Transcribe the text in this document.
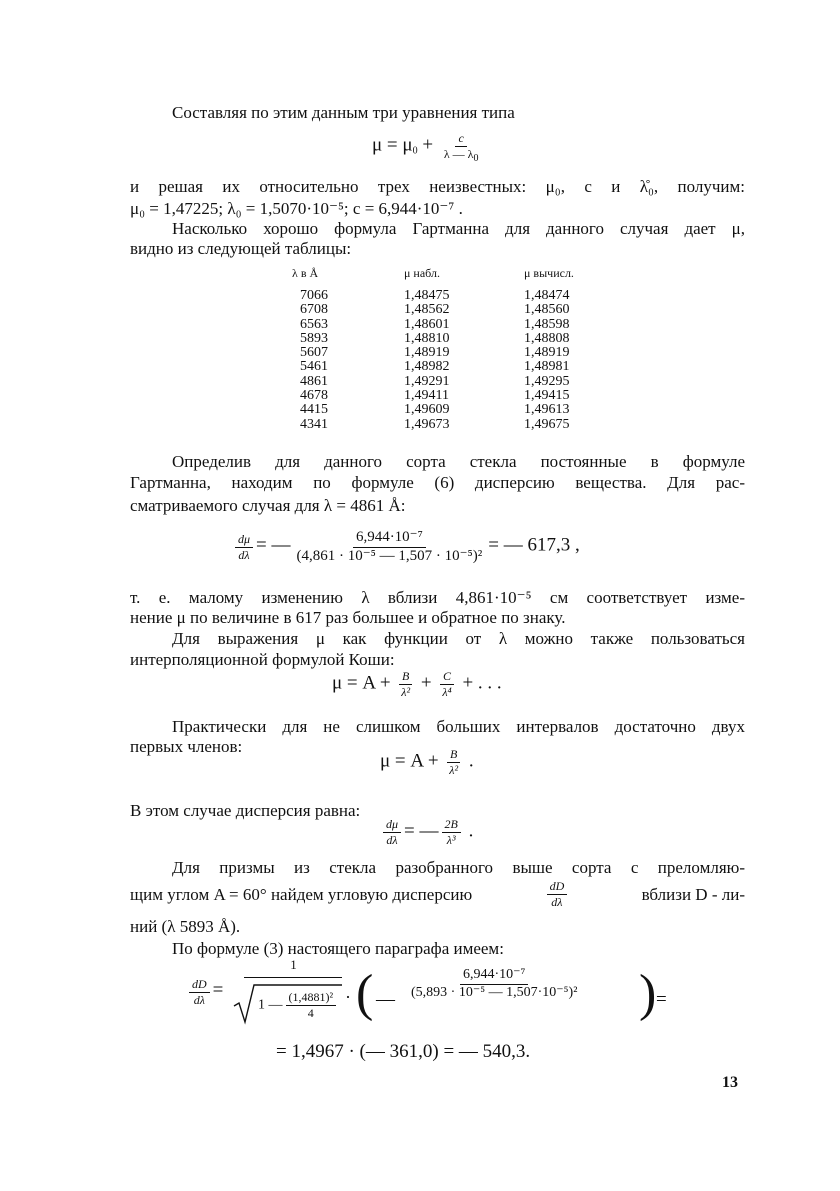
Составляя по этим данным три уравнения типа
$\mu = \mu_0 + \frac{c}{\lambda — \lambda_0}$
и решая их относительно трех неизвестных: μ₀, c и λ̊₀, получим:
μ₀ = 1,47225; λ₀ = 1,5070·10⁻⁵; c = 6,944·10⁻⁷ .
Насколько хорошо формула Гартманна для данного случая дает μ,
видно из следующей таблицы:
λ в Å	μ набл.	μ вычисл.
7066	1,48475	1,48474
6708	1,48562	1,48560
6563	1,48601	1,48598
5893	1,48810	1,48808
5607	1,48919	1,48919
5461	1,48982	1,48981
4861	1,49291	1,49295
4678	1,49411	1,49415
4415	1,49609	1,49613
4341	1,49673	1,49675
Определив для данного сорта стекла постоянные в формуле
Гартманна, находим по формуле (6) дисперсию вещества. Для рас-
сматриваемого случая для λ = 4861 Å:
$\frac{d\mu}{d\lambda}$ = — $\frac{\text{6,944·10⁻⁷}}{\text{(4,861 · 10⁻⁵ — 1,507 · 10⁻⁵)²}}$ = — 617,3 ,
т. е. малому изменению λ вблизи 4,861·10⁻⁵ см соответствует изме-
нение μ по величине в 617 раз большее и обратное по знаку.
Для выражения μ как функции от λ можно также пользоваться
интерполяционной формулой Коши:
$\mu = A + \frac{B}{\text{λ²}} + \frac{C}{\text{λ⁴}}$ + . . .
Практически для не слишком больших интервалов достаточно двух
первых членов:
$\mu = A + \frac{B}{\text{λ²}}$ .
В этом случае дисперсия равна:
$\frac{d\mu}{d\lambda}$ = — $\frac{2B}{\text{λ³}}$ .
Для призмы из стекла разобранного выше сорта с преломляю-
щим углом A = 60° найдем угловую дисперсию	$\frac{dD}{d\lambda}$	вблизи D - ли-
ний (λ 5893 Å).
По формуле (3) настоящего параграфа имеем:
$\frac{dD}{d\lambda}$ =
1
1 — $\frac{\text{(1,4881)²}}{4}$ · ( — $\frac{\text{6,944·10⁻⁷}}{\text{(5,893 · 10⁻⁵ — 1,507·10⁻⁵)²}}$ ) =
= 1,4967 · (— 361,0) = — 540,3.
13
